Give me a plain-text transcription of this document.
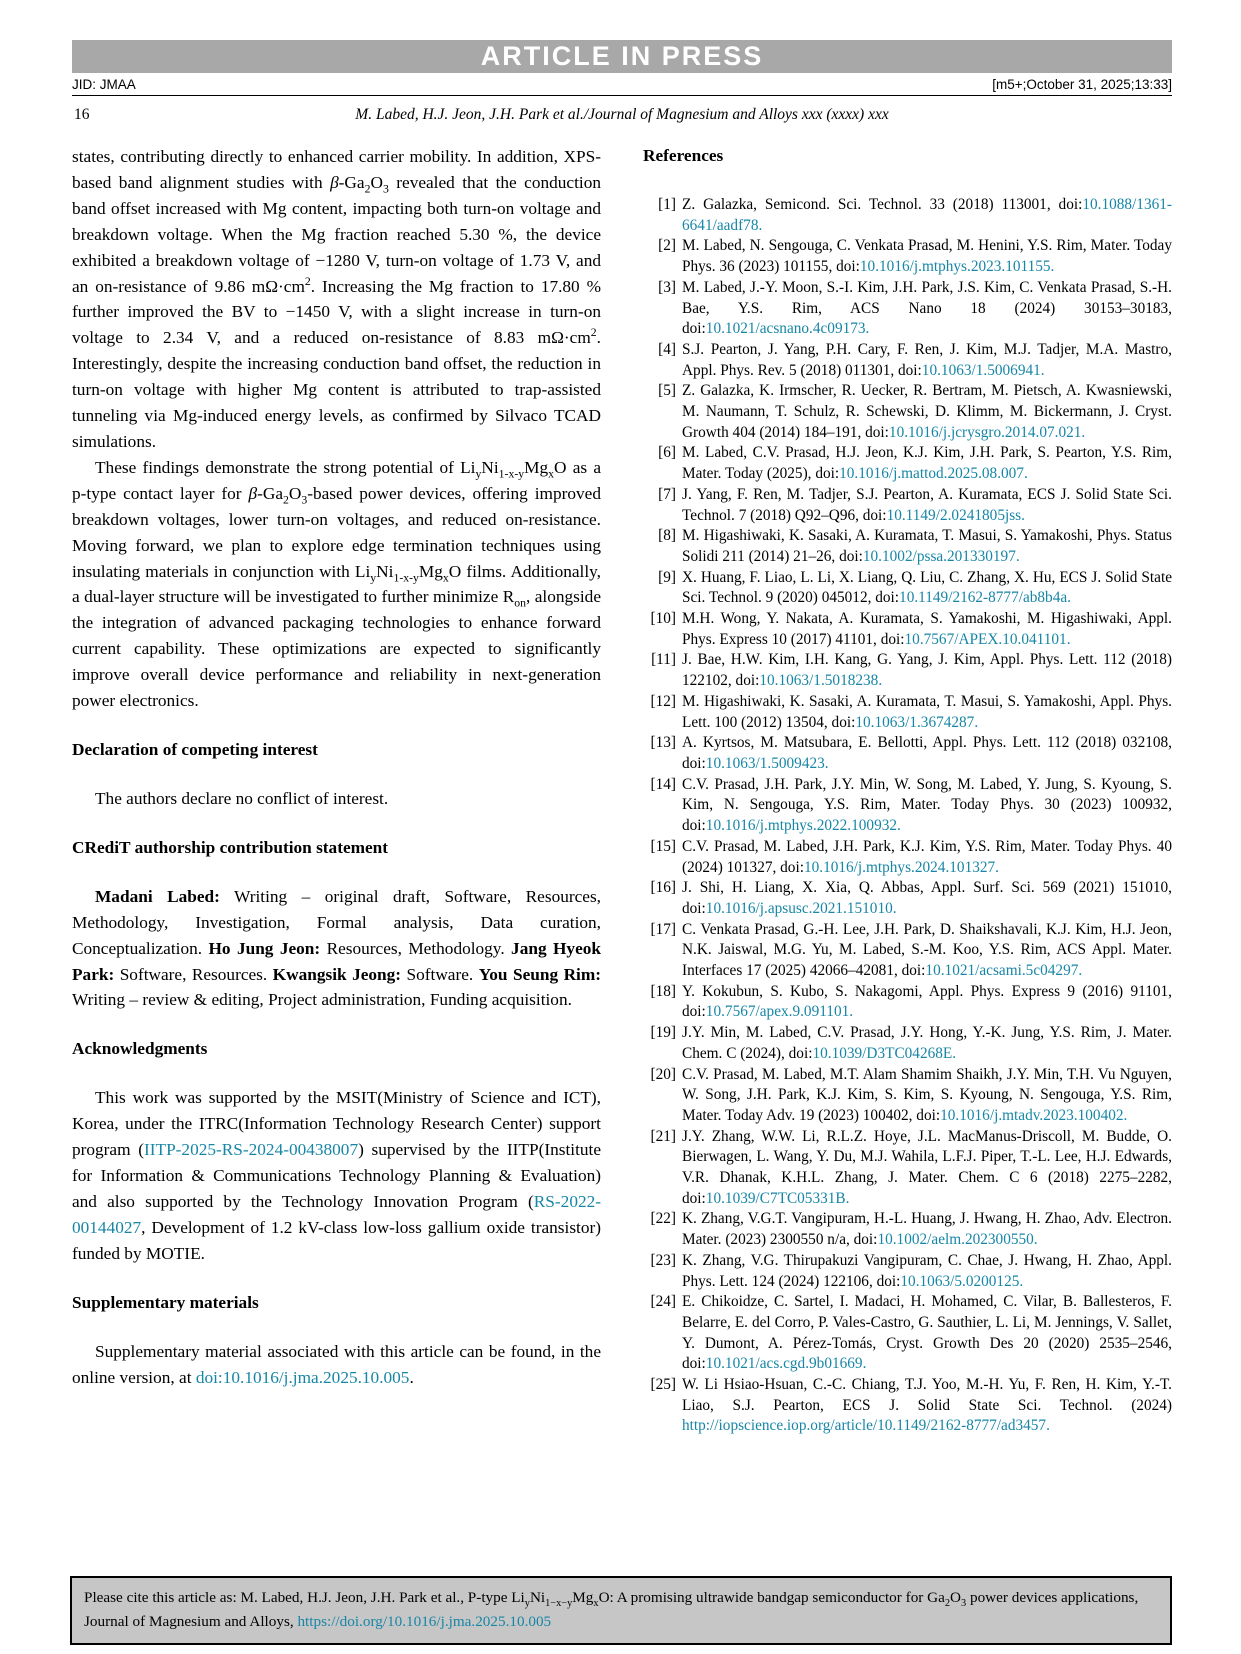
ARTICLE IN PRESS
JID: JMAA	[m5+;October 31, 2025;13:33]
16	M. Labed, H.J. Jeon, J.H. Park et al./Journal of Magnesium and Alloys xxx (xxxx) xxx

states, contributing directly to enhanced carrier mobility. In addition, XPS-based band alignment studies with $\beta-Ga_2O_3$ revealed that the conduction band offset increased with Mg content, impacting both turn-on voltage and breakdown voltage. When the Mg fraction reached 5.30 %, the device exhibited a breakdown voltage of −1280 V, turn-on voltage of 1.73 V, and an on-resistance of 9.86 $m\Omega\cdot cm^2$. Increasing the Mg fraction to 17.80 % further improved the BV to −1450 V, with a slight increase in turn-on voltage to 2.34 V, and a reduced on-resistance of 8.83 $m\Omega\cdot cm^2$. Interestingly, despite the increasing conduction band offset, the reduction in turn-on voltage with higher Mg content is attributed to trap-assisted tunneling via Mg-induced energy levels, as confirmed by Silvaco TCAD simulations.

These findings demonstrate the strong potential of $Li_yNi_{1-x-y}Mg_xO$ as a p-type contact layer for $\beta-Ga_2O_3$-based power devices, offering improved breakdown voltages, lower turn-on voltages, and reduced on-resistance. Moving forward, we plan to explore edge termination techniques using insulating materials in conjunction with $Li_yNi_{1-x-y}Mg_xO$ films. Additionally, a dual-layer structure will be investigated to further minimize $R_{on}$, alongside the integration of advanced packaging technologies to enhance forward current capability. These optimizations are expected to significantly improve overall device performance and reliability in next-generation power electronics.

Declaration of competing interest

The authors declare no conflict of interest.

CRediT authorship contribution statement

Madani Labed: Writing – original draft, Software, Resources, Methodology, Investigation, Formal analysis, Data curation, Conceptualization. Ho Jung Jeon: Resources, Methodology. Jang Hyeok Park: Software, Resources. Kwangsik Jeong: Software. You Seung Rim: Writing – review & editing, Project administration, Funding acquisition.

Acknowledgments

This work was supported by the MSIT(Ministry of Science and ICT), Korea, under the ITRC(Information Technology Research Center) support program (IITP-2025-RS-2024-00438007) supervised by the IITP(Institute for Information & Communications Technology Planning & Evaluation) and also supported by the Technology Innovation Program (RS-2022-00144027, Development of 1.2 kV-class low-loss gallium oxide transistor) funded by MOTIE.

Supplementary materials

Supplementary material associated with this article can be found, in the online version, at doi:10.1016/j.jma.2025.10.005.

References
[1] Z. Galazka, Semicond. Sci. Technol. 33 (2018) 113001, doi:10.1088/1361-6641/aadf78.
[2] M. Labed, N. Sengouga, C. Venkata Prasad, M. Henini, Y.S. Rim, Mater. Today Phys. 36 (2023) 101155, doi:10.1016/j.mtphys.2023.101155.
[3] M. Labed, J.-Y. Moon, S.-I. Kim, J.H. Park, J.S. Kim, C. Venkata Prasad, S.-H. Bae, Y.S. Rim, ACS Nano 18 (2024) 30153–30183, doi:10.1021/acsnano.4c09173.
[4] S.J. Pearton, J. Yang, P.H. Cary, F. Ren, J. Kim, M.J. Tadjer, M.A. Mastro, Appl. Phys. Rev. 5 (2018) 011301, doi:10.1063/1.5006941.
[5] Z. Galazka, K. Irmscher, R. Uecker, R. Bertram, M. Pietsch, A. Kwasniewski, M. Naumann, T. Schulz, R. Schewski, D. Klimm, M. Bickermann, J. Cryst. Growth 404 (2014) 184–191, doi:10.1016/j.jcrysgro.2014.07.021.
[6] M. Labed, C.V. Prasad, H.J. Jeon, K.J. Kim, J.H. Park, S. Pearton, Y.S. Rim, Mater. Today (2025), doi:10.1016/j.mattod.2025.08.007.
[7] J. Yang, F. Ren, M. Tadjer, S.J. Pearton, A. Kuramata, ECS J. Solid State Sci. Technol. 7 (2018) Q92–Q96, doi:10.1149/2.0241805jss.
[8] M. Higashiwaki, K. Sasaki, A. Kuramata, T. Masui, S. Yamakoshi, Phys. Status Solidi 211 (2014) 21–26, doi:10.1002/pssa.201330197.
[9] X. Huang, F. Liao, L. Li, X. Liang, Q. Liu, C. Zhang, X. Hu, ECS J. Solid State Sci. Technol. 9 (2020) 045012, doi:10.1149/2162-8777/ab8b4a.
[10] M.H. Wong, Y. Nakata, A. Kuramata, S. Yamakoshi, M. Higashiwaki, Appl. Phys. Express 10 (2017) 41101, doi:10.7567/APEX.10.041101.
[11] J. Bae, H.W. Kim, I.H. Kang, G. Yang, J. Kim, Appl. Phys. Lett. 112 (2018) 122102, doi:10.1063/1.5018238.
[12] M. Higashiwaki, K. Sasaki, A. Kuramata, T. Masui, S. Yamakoshi, Appl. Phys. Lett. 100 (2012) 13504, doi:10.1063/1.3674287.
[13] A. Kyrtsos, M. Matsubara, E. Bellotti, Appl. Phys. Lett. 112 (2018) 032108, doi:10.1063/1.5009423.
[14] C.V. Prasad, J.H. Park, J.Y. Min, W. Song, M. Labed, Y. Jung, S. Kyoung, S. Kim, N. Sengouga, Y.S. Rim, Mater. Today Phys. 30 (2023) 100932, doi:10.1016/j.mtphys.2022.100932.
[15] C.V. Prasad, M. Labed, J.H. Park, K.J. Kim, Y.S. Rim, Mater. Today Phys. 40 (2024) 101327, doi:10.1016/j.mtphys.2024.101327.
[16] J. Shi, H. Liang, X. Xia, Q. Abbas, Appl. Surf. Sci. 569 (2021) 151010, doi:10.1016/j.apsusc.2021.151010.
[17] C. Venkata Prasad, G.-H. Lee, J.H. Park, D. Shaikshavali, K.J. Kim, H.J. Jeon, N.K. Jaiswal, M.G. Yu, M. Labed, S.-M. Koo, Y.S. Rim, ACS Appl. Mater. Interfaces 17 (2025) 42066–42081, doi:10.1021/acsami.5c04297.
[18] Y. Kokubun, S. Kubo, S. Nakagomi, Appl. Phys. Express 9 (2016) 91101, doi:10.7567/apex.9.091101.
[19] J.Y. Min, M. Labed, C.V. Prasad, J.Y. Hong, Y.-K. Jung, Y.S. Rim, J. Mater. Chem. C (2024), doi:10.1039/D3TC04268E.
[20] C.V. Prasad, M. Labed, M.T. Alam Shamim Shaikh, J.Y. Min, T.H. Vu Nguyen, W. Song, J.H. Park, K.J. Kim, S. Kim, S. Kyoung, N. Sengouga, Y.S. Rim, Mater. Today Adv. 19 (2023) 100402, doi:10.1016/j.mtadv.2023.100402.
[21] J.Y. Zhang, W.W. Li, R.L.Z. Hoye, J.L. MacManus-Driscoll, M. Budde, O. Bierwagen, L. Wang, Y. Du, M.J. Wahila, L.F.J. Piper, T.-L. Lee, H.J. Edwards, V.R. Dhanak, K.H.L. Zhang, J. Mater. Chem. C 6 (2018) 2275–2282, doi:10.1039/C7TC05331B.
[22] K. Zhang, V.G.T. Vangipuram, H.-L. Huang, J. Hwang, H. Zhao, Adv. Electron. Mater. (2023) 2300550 n/a, doi:10.1002/aelm.202300550.
[23] K. Zhang, V.G. Thirupakuzi Vangipuram, C. Chae, J. Hwang, H. Zhao, Appl. Phys. Lett. 124 (2024) 122106, doi:10.1063/5.0200125.
[24] E. Chikoidze, C. Sartel, I. Madaci, H. Mohamed, C. Vilar, B. Ballesteros, F. Belarre, E. del Corro, P. Vales-Castro, G. Sauthier, L. Li, M. Jennings, V. Sallet, Y. Dumont, A. Pérez-Tomás, Cryst. Growth Des 20 (2020) 2535–2546, doi:10.1021/acs.cgd.9b01669.
[25] W. Li Hsiao-Hsuan, C.-C. Chiang, T.J. Yoo, M.-H. Yu, F. Ren, H. Kim, Y.-T. Liao, S.J. Pearton, ECS J. Solid State Sci. Technol. (2024) http://iopscience.iop.org/article/10.1149/2162-8777/ad3457.
Please cite this article as: M. Labed, H.J. Jeon, J.H. Park et al., P-type $Li_yNi_{1-x-y}Mg_xO$: A promising ultrawide bandgap semiconductor for $Ga_2O_3$ power devices applications, Journal of Magnesium and Alloys, https://doi.org/10.1016/j.jma.2025.10.005
